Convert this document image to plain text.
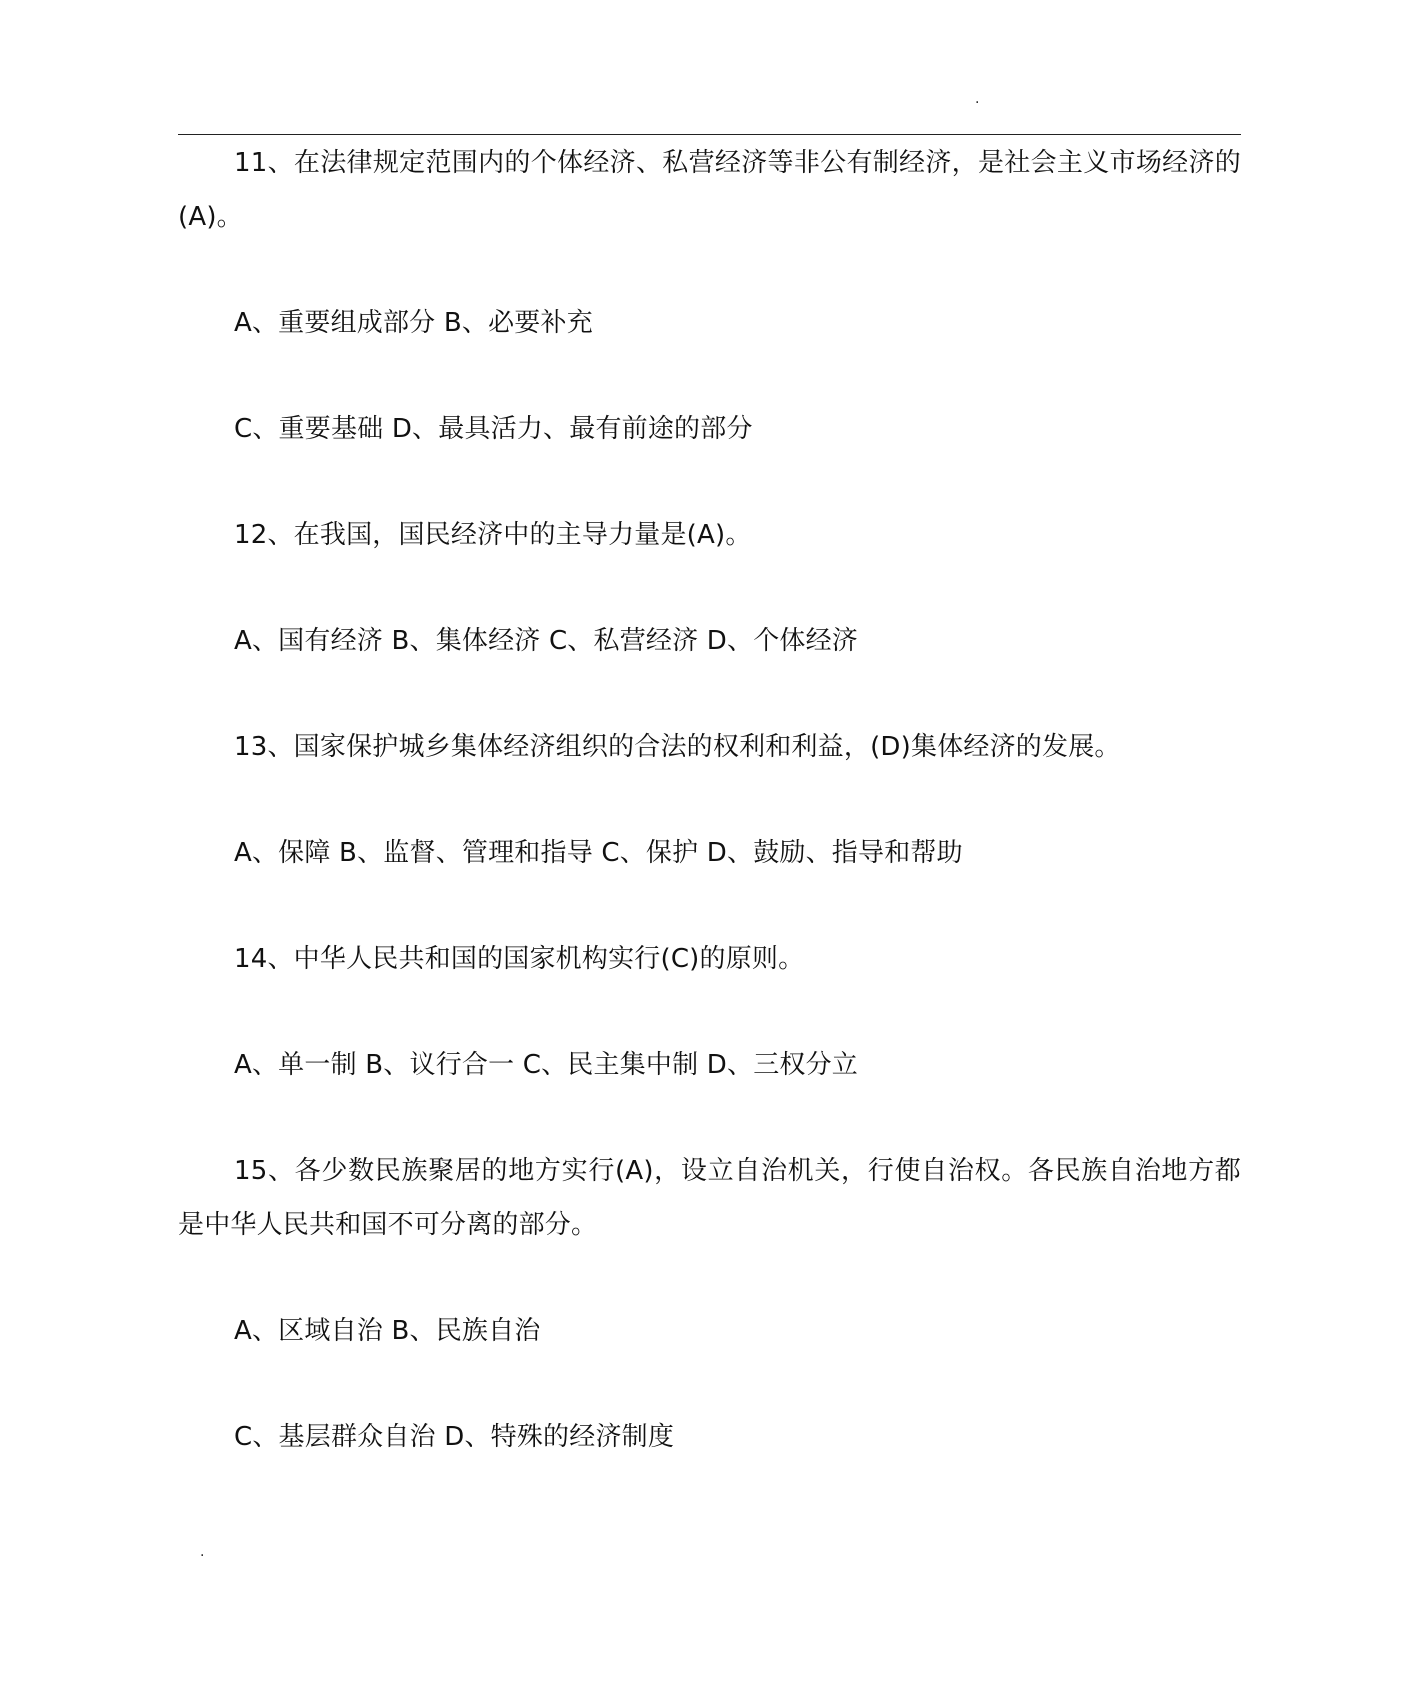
.

11、在法律规定范围内的个体经济、私营经济等非公有制经济，是社会主义市场经济的(A)。

A、重要组成部分 B、必要补充

C、重要基础 D、最具活力、最有前途的部分

12、在我国，国民经济中的主导力量是(A)。

A、国有经济 B、集体经济 C、私营经济 D、个体经济

13、国家保护城乡集体经济组织的合法的权利和利益，(D)集体经济的发展。

A、保障 B、监督、管理和指导 C、保护 D、鼓励、指导和帮助

14、中华人民共和国的国家机构实行(C)的原则。

A、单一制 B、议行合一 C、民主集中制 D、三权分立

15、各少数民族聚居的地方实行(A)，设立自治机关，行使自治权。各民族自治地方都是中华人民共和国不可分离的部分。

A、区域自治 B、民族自治

C、基层群众自治 D、特殊的经济制度

.
